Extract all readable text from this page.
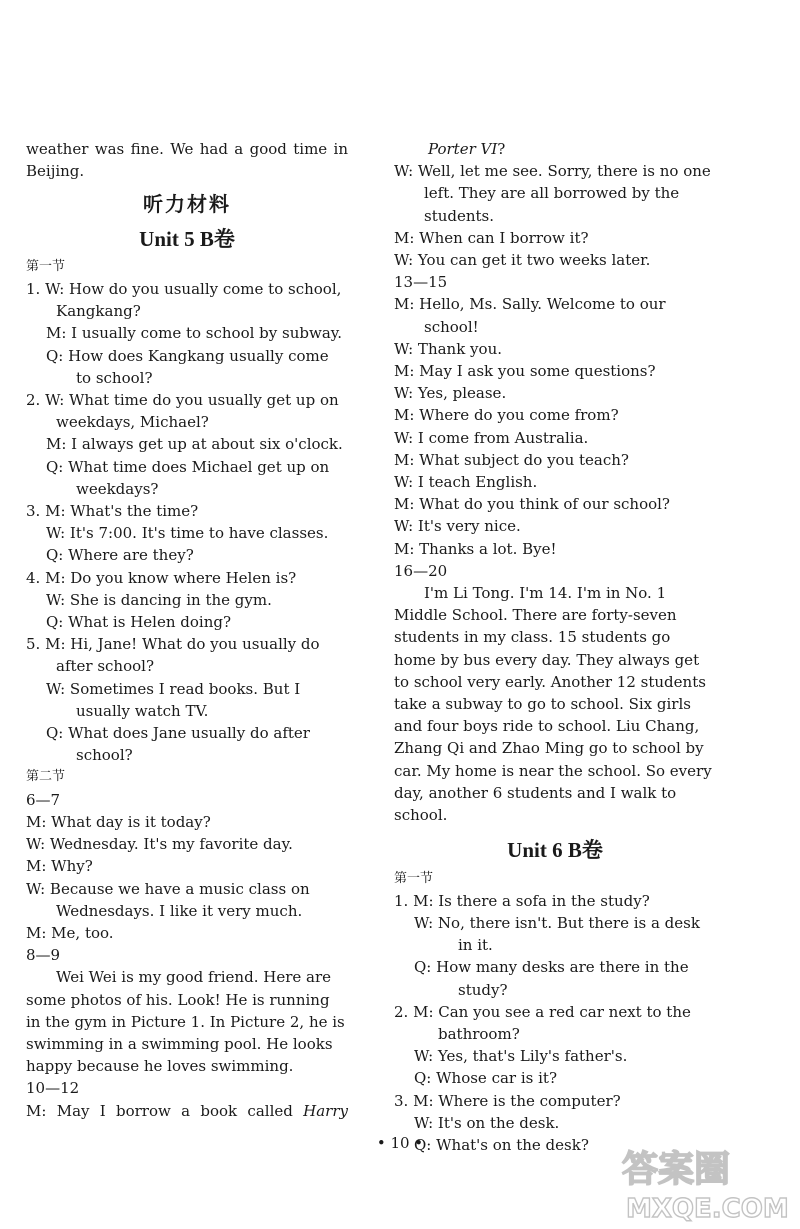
weather was fine. We had a good time in

Beijing.

听力材料

Unit 5 B卷

第一节

1. W: How do you usually come to school, Kangkang?

M: I usually come to school by subway.

Q: How does Kangkang usually come to school?

2. W: What time do you usually get up on weekdays, Michael?

M: I always get up at about six o'clock.

Q: What time does Michael get up on weekdays?

3. M: What's the time?

W: It's 7:00. It's time to have classes.

Q: Where are they?

4. M: Do you know where Helen is?

W: She is dancing in the gym.

Q: What is Helen doing?

5. M: Hi, Jane! What do you usually do after school?

W: Sometimes I read books. But I usually watch TV.

Q: What does Jane usually do after school?

第二节

6—7

M: What day is it today?

W: Wednesday. It's my favorite day.

M: Why?

W: Because we have a music class on Wednesdays. I like it very much.

M: Me, too.

8—9

Wei Wei is my good friend. Here are some photos of his. Look! He is running in the gym in Picture 1. In Picture 2, he is swimming in a swimming pool. He looks happy because he loves swimming.

10—12

M: May I borrow a book called Harry

Porter VI?

W: Well, let me see. Sorry, there is no one left. They are all borrowed by the students.

M: When can I borrow it?

W: You can get it two weeks later.

13—15

M: Hello, Ms. Sally. Welcome to our school!

W: Thank you.

M: May I ask you some questions?

W: Yes, please.

M: Where do you come from?

W: I come from Australia.

M: What subject do you teach?

W: I teach English.

M: What do you think of our school?

W: It's very nice.

M: Thanks a lot. Bye!

16—20

I'm Li Tong. I'm 14. I'm in No. 1 Middle School. There are forty-seven students in my class. 15 students go home by bus every day. They always get to school very early. Another 12 students take a subway to go to school. Six girls and four boys ride to school. Liu Chang, Zhang Qi and Zhao Ming go to school by car. My home is near the school. So every day, another 6 students and I walk to school.

Unit 6 B卷

第一节

1. M: Is there a sofa in the study?

W: No, there isn't. But there is a desk in it.

Q: How many desks are there in the study?

2. M: Can you see a red car next to the bathroom?

W: Yes, that's Lily's father's.

Q: Whose car is it?

3. M: Where is the computer?

W: It's on the desk.

Q: What's on the desk?

• 10 •
答案圈
MXQE.COM
